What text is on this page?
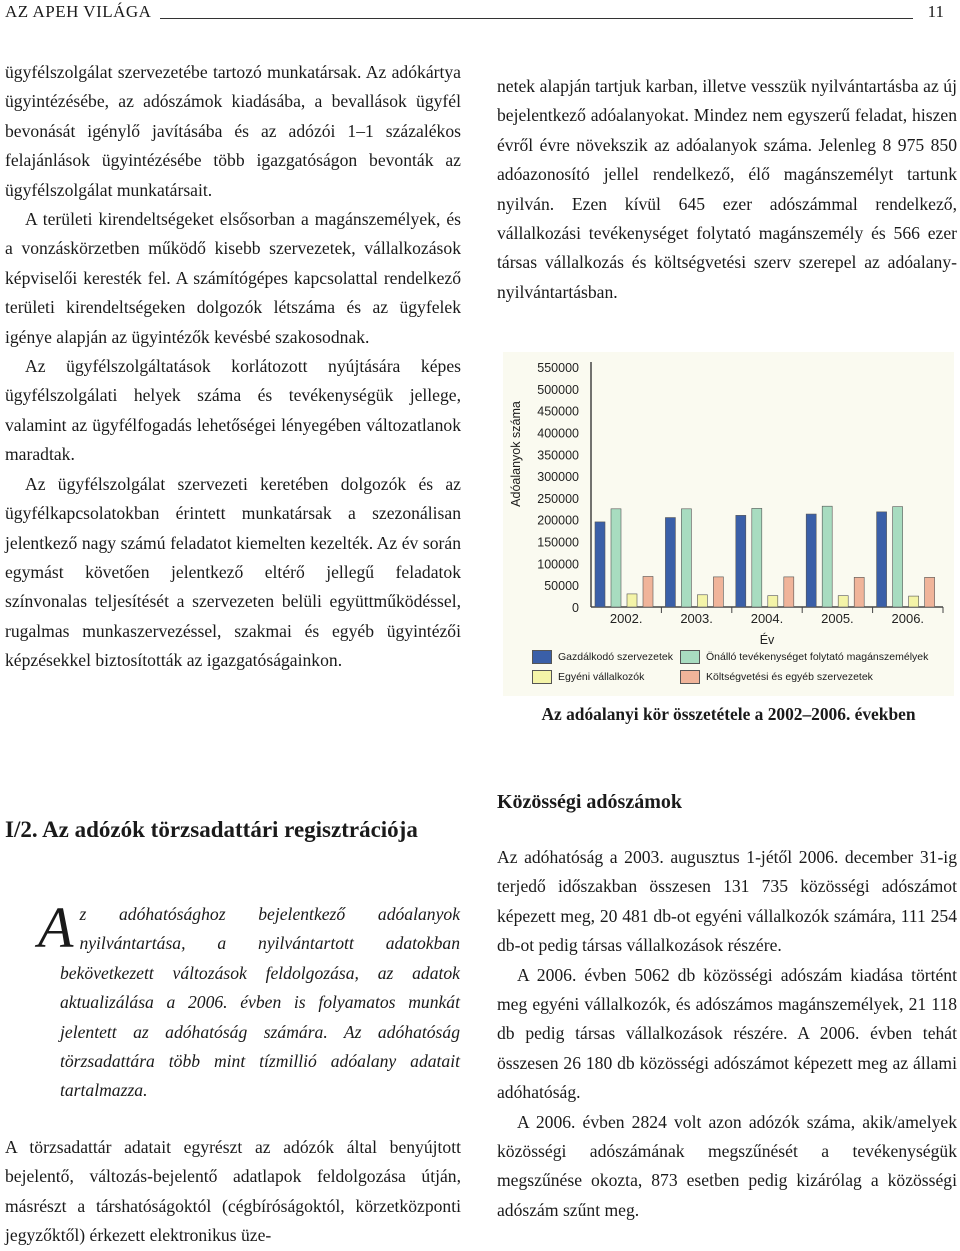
AZ APEH VILÁGA	11

ügyfélszolgálat szervezetébe tartozó munkatársak. Az adókártya ügyintézésébe, az adószámok kiadásába, a bevallások ügyfél bevonását igénylő javításába és az adózói 1–1 százalékos felajánlások ügyintézésébe több igazgatóságon bevonták az ügyfélszolgálat munkatársait.

A területi kirendeltségeket elsősorban a magánszemélyek, és a vonzáskörzetben működő kisebb szervezetek, vállalkozások képviselői keresték fel. A számítógépes kapcsolattal rendelkező területi kirendeltségeken dolgozók létszáma és az ügyfelek igénye alapján az ügyintézők kevésbé szakosodnak.

Az ügyfélszolgáltatások korlátozott nyújtására képes ügyfélszolgálati helyek száma és tevékenységük jellege, valamint az ügyfélfogadás lehetőségei lényegében változatlanok maradtak.

Az ügyfélszolgálat szervezeti keretében dolgozók és az ügyfélkapcsolatokban érintett munkatársak a szezonálisan jelentkező nagy számú feladatot kiemelten kezelték. Az év során egymást követően jelentkező eltérő jellegű feladatok színvonalas teljesítését a szervezeten belüli együttműködéssel, rugalmas munkaszervezéssel, szakmai és egyéb ügyintézői képzésekkel biztosították az igazgatóságainkon.

netek alapján tartjuk karban, illetve vesszük nyilvántartásba az új bejelentkező adóalanyokat. Mindez nem egyszerű feladat, hiszen évről évre növekszik az adóalanyok száma. Jelenleg 8 975 850 adóazonosító jellel rendelkező, élő magánszemélyt tartunk nyilván. Ezen kívül 645 ezer adószámmal rendelkező, vállalkozási tevékenységet folytató magánszemély és 566 ezer társas vállalkozás és költségvetési szerv szerepel az adóalany-nyilvántartásban.

Adóalanyok száma
550000
500000
450000
400000
350000
300000
250000
200000
150000
100000
50000
0
2002.	2003.	2004.	2005.	2006.
Év
Gazdálkodó szervezetek	Önálló tevékenységet folytató magánszemélyek
Egyéni vállalkozók	Költségvetési és egyéb szervezetek
Az adóalanyi kör összetétele a 2002–2006. években
I/2. Az adózók törzsadattári regisztrációja
Az adóhatósághoz bejelentkező adóalanyok nyilvántartása, a nyilvántartott adatokban bekövetkezett változások feldolgozása, az adatok aktualizálása a 2006. évben is folyamatos munkát jelentett az adóhatóság számára. Az adóhatóság törzsadattára több mint tízmillió adóalany adatait tartalmazza.

A törzsadattár adatait egyrészt az adózók által benyújtott bejelentő, változás-bejelentő adatlapok feldolgozása útján, másrészt a társhatóságoktól (cégbíróságoktól, körzetközponti jegyzőktől) érkezett elektronikus üze-

Közösségi adószámok

Az adóhatóság a 2003. augusztus 1-jétől 2006. december 31-ig terjedő időszakban összesen 131 735 közösségi adószámot képezett meg, 20 481 db-ot egyéni vállalkozók számára, 111 254 db-ot pedig társas vállalkozások részére.

A 2006. évben 5062 db közösségi adószám kiadása történt meg egyéni vállalkozók, és adószámos magánszemélyek, 21 118 db pedig társas vállalkozások részére. A 2006. évben tehát összesen 26 180 db közösségi adószámot képezett meg az állami adóhatóság.

A 2006. évben 2824 volt azon adózók száma, akik/amelyek közösségi adószámának megszűnését a tevékenységük megszűnése okozta, 873 esetben pedig kizárólag a közösségi adószám szűnt meg.
